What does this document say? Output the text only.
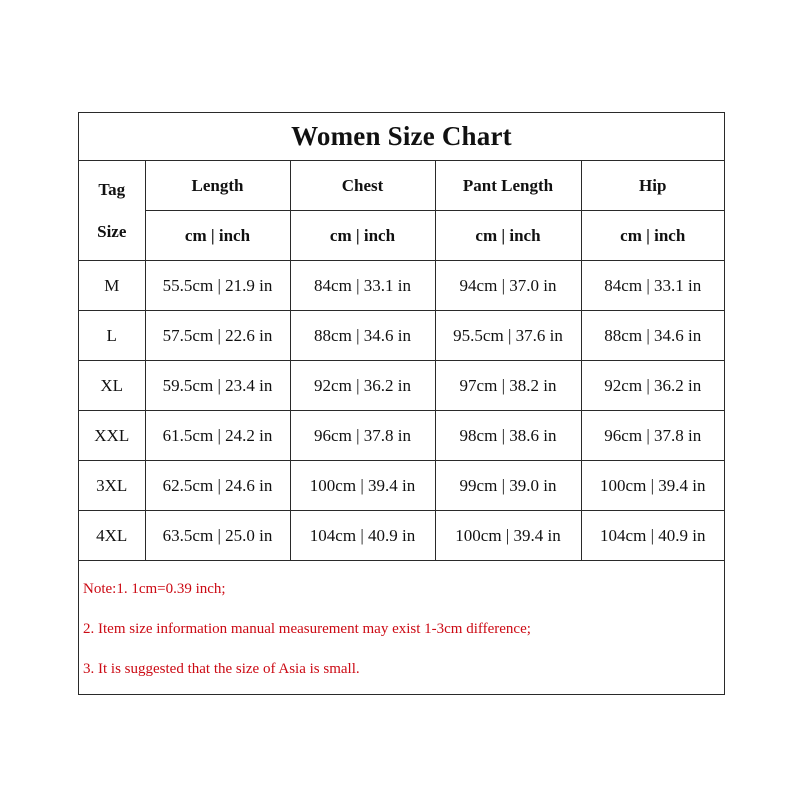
Women Size Chart				

Tag
Size	Length	Chest	Pant Length	Hip
	cm | inch	cm | inch	cm | inch	cm | inch
M	55.5cm | 21.9 in	84cm | 33.1 in	94cm | 37.0 in	84cm | 33.1 in
L	57.5cm | 22.6 in	88cm | 34.6 in	95.5cm | 37.6 in	88cm | 34.6 in
XL	59.5cm | 23.4 in	92cm | 36.2 in	97cm | 38.2 in	92cm | 36.2 in
XXL	61.5cm | 24.2 in	96cm | 37.8 in	98cm | 38.6 in	96cm | 37.8 in
3XL	62.5cm | 24.6 in	100cm | 39.4 in	99cm | 39.0 in	100cm | 39.4 in
4XL	63.5cm | 25.0 in	104cm | 40.9 in	100cm | 39.4 in	104cm | 40.9 in

Note:1. 1cm=0.39 inch;
2. Item size information manual measurement may exist 1-3cm difference;
3. It is suggested that the size of Asia is small.				
